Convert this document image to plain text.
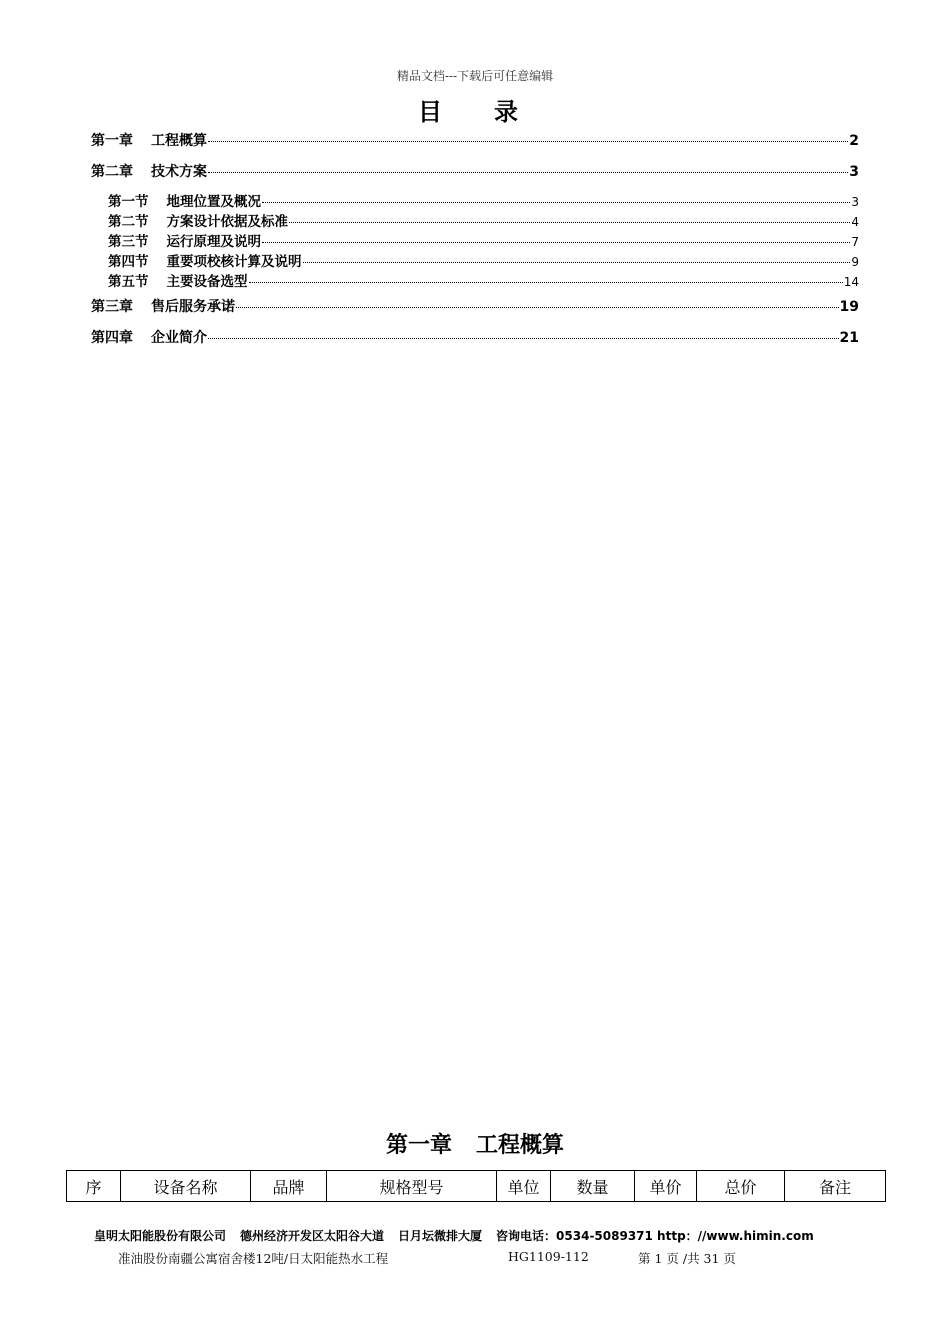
精品文档---下载后可任意编辑
目　录
第一章 工程概算	2
第二章 技术方案	3
第一节 地理位置及概况	3
第二节 方案设计依据及标准	4
第三节 运行原理及说明	7
第四节 重要项校核计算及说明	9
第五节 主要设备选型	14
第三章 售后服务承诺	19
第四章 企业简介	21
第一章 工程概算
序	设备名称	品牌	规格型号	单位	数量	单价	总价	备注
皇明太阳能股份有限公司 德州经济开发区太阳谷大道 日月坛微排大厦 咨询电话：0534-5089371 http：//www.himin.com
准油股份南疆公寓宿舍楼12吨/日太阳能热水工程	HG1109-112	第 1 页 /共 31 页
